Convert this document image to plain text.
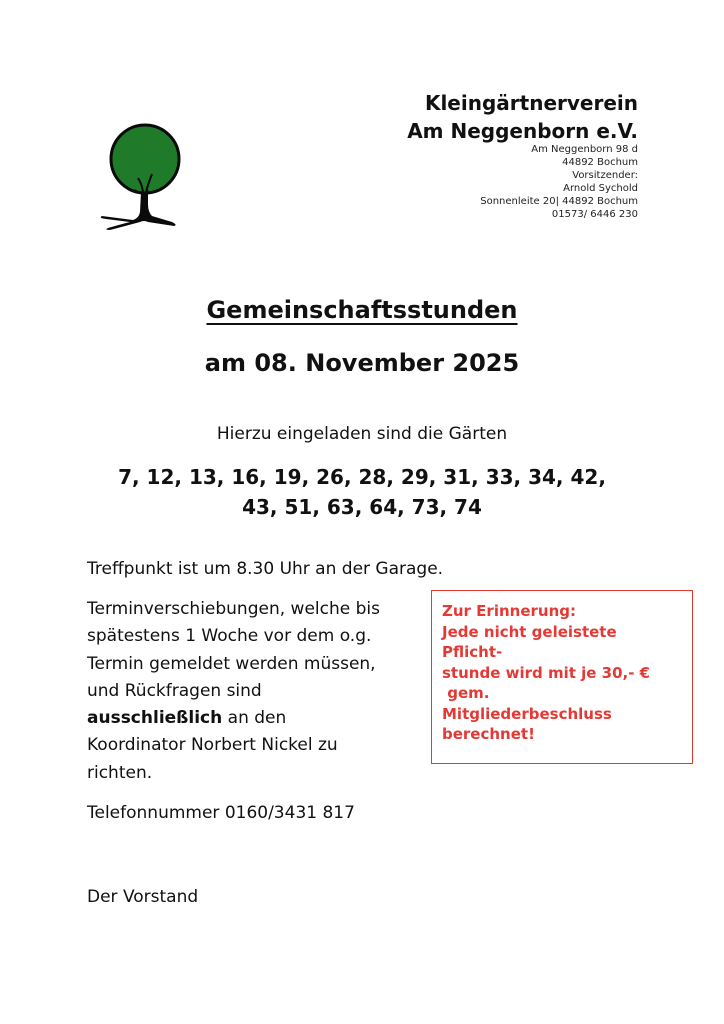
Kleingärtnerverein
Am Neggenborn e.V.
Am Neggenborn 98 d
44892 Bochum
Vorsitzender:
Arnold Sychold
Sonnenleite 20| 44892 Bochum
01573/ 6446 230
Gemeinschaftsstunden
am 08. November 2025
Hierzu eingeladen sind die Gärten
7, 12, 13, 16, 19, 26, 28, 29, 31, 33, 34, 42,
43, 51, 63, 64, 73, 74
Treffpunkt ist um 8.30 Uhr an der Garage.
Terminverschiebungen, welche bis
spätestens 1 Woche vor dem o.g.
Termin gemeldet werden müssen,
und Rückfragen sind
ausschließlich an den
Koordinator Norbert Nickel zu
richten.
Telefonnummer 0160/3431 817
Der Vorstand
Zur Erinnerung:
Jede nicht geleistete
Pflicht-
stunde wird mit je 30,- €
gem.
Mitgliederbeschluss
berechnet!
